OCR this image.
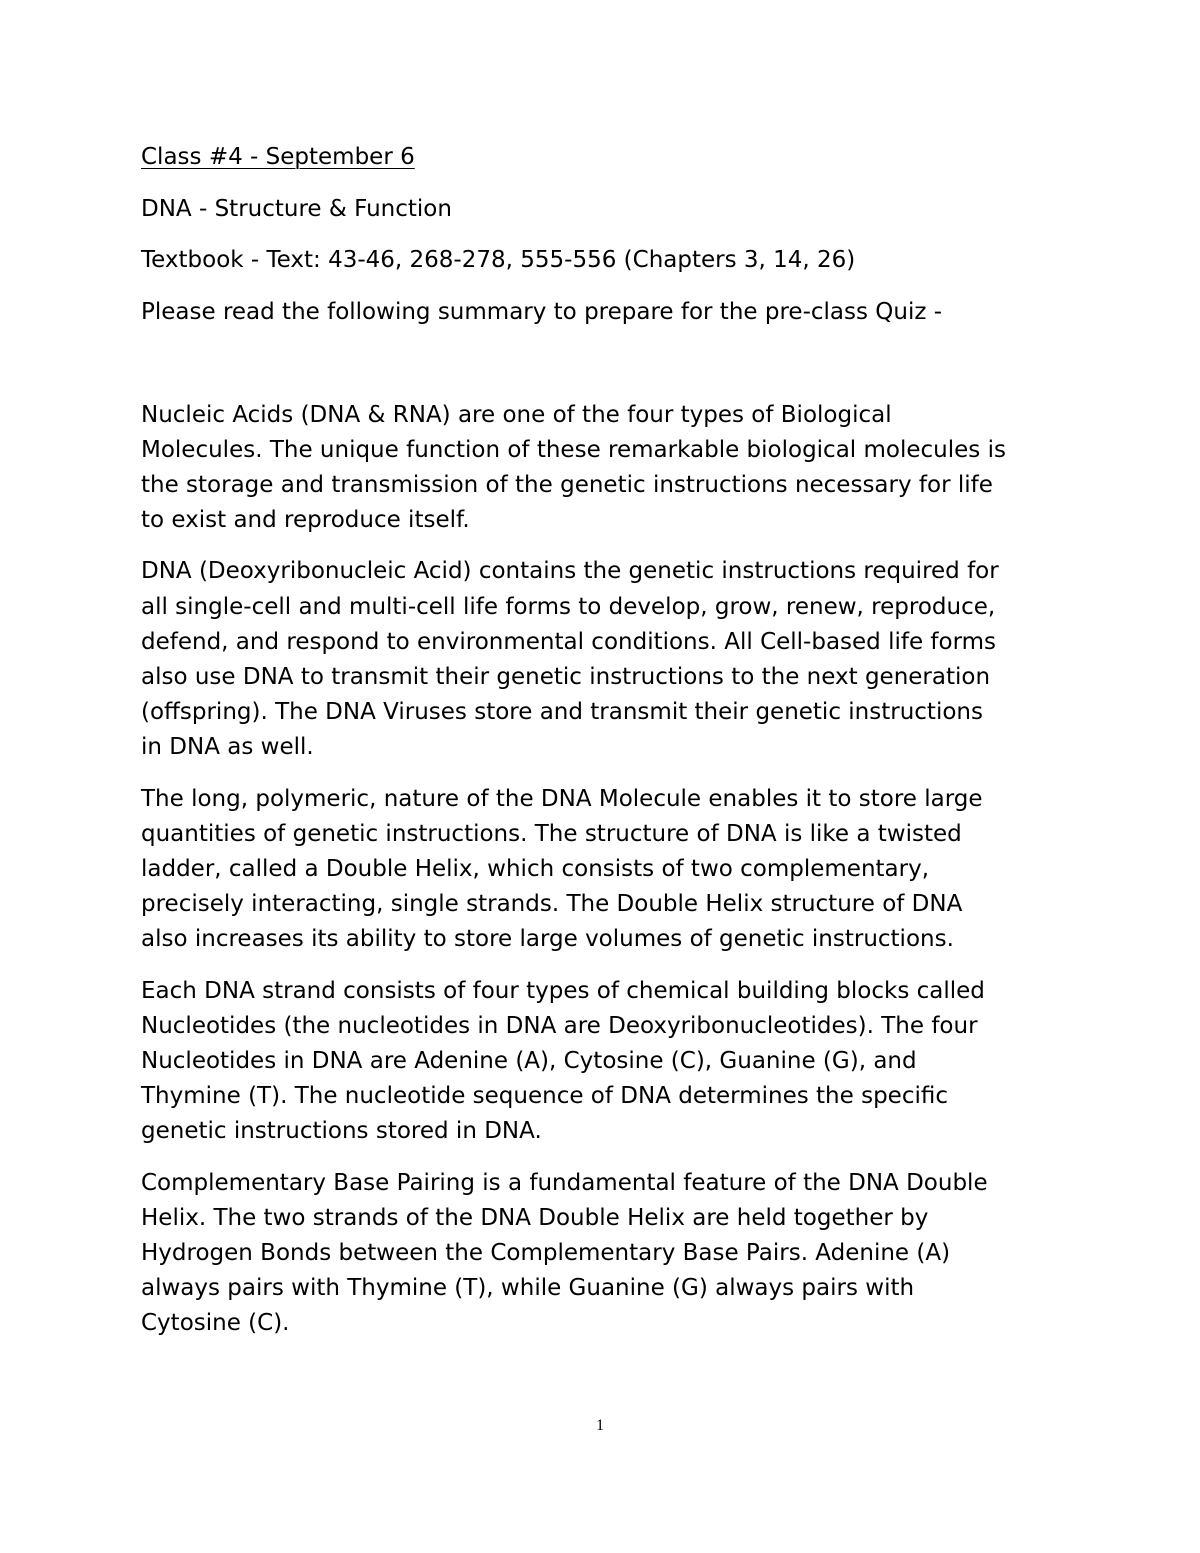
Class #4 - September 6

DNA - Structure & Function

Textbook - Text: 43-46, 268-278, 555-556 (Chapters 3, 14, 26)

Please read the following summary to prepare for the pre-class Quiz -

Nucleic Acids (DNA & RNA) are one of the four types of Biological
Molecules. The unique function of these remarkable biological molecules is
the storage and transmission of the genetic instructions necessary for life
to exist and reproduce itself.

DNA (Deoxyribonucleic Acid) contains the genetic instructions required for
all single-cell and multi-cell life forms to develop, grow, renew, reproduce,
defend, and respond to environmental conditions. All Cell-based life forms
also use DNA to transmit their genetic instructions to the next generation
(offspring). The DNA Viruses store and transmit their genetic instructions
in DNA as well.

The long, polymeric, nature of the DNA Molecule enables it to store large
quantities of genetic instructions. The structure of DNA is like a twisted
ladder, called a Double Helix, which consists of two complementary,
precisely interacting, single strands. The Double Helix structure of DNA
also increases its ability to store large volumes of genetic instructions.

Each DNA strand consists of four types of chemical building blocks called
Nucleotides (the nucleotides in DNA are Deoxyribonucleotides). The four
Nucleotides in DNA are Adenine (A), Cytosine (C), Guanine (G), and
Thymine (T). The nucleotide sequence of DNA determines the specific
genetic instructions stored in DNA.

Complementary Base Pairing is a fundamental feature of the DNA Double
Helix. The two strands of the DNA Double Helix are held together by
Hydrogen Bonds between the Complementary Base Pairs. Adenine (A)
always pairs with Thymine (T), while Guanine (G) always pairs with
Cytosine (C).

1
